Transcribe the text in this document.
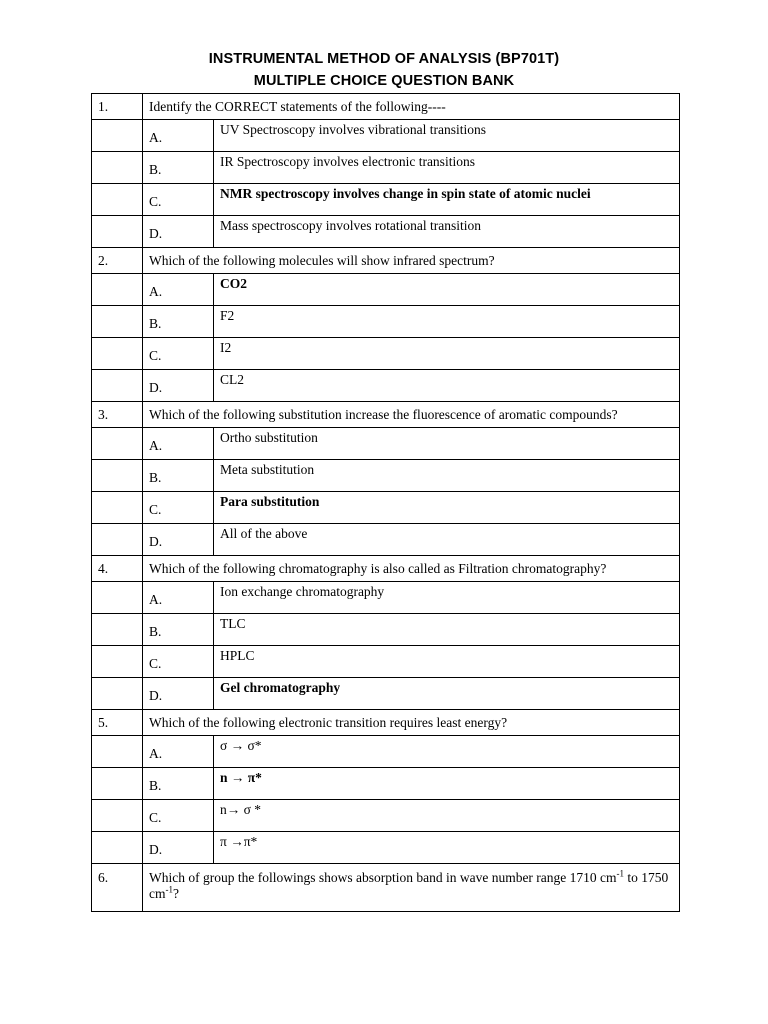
INSTRUMENTAL METHOD OF ANALYSIS (BP701T)
MULTIPLE CHOICE QUESTION BANK
1.	Identify the CORRECT statements of the following----	
	A.	UV Spectroscopy involves vibrational transitions
	B.	IR Spectroscopy involves electronic transitions
	C.	NMR spectroscopy involves change in spin state of atomic nuclei
	D.	Mass spectroscopy involves rotational transition
2.	Which of the following molecules will show infrared spectrum?	
	A.	CO2
	B.	F2
	C.	I2
	D.	CL2
3.	Which of the following substitution increase the fluorescence of aromatic compounds?	
	A.	Ortho substitution
	B.	Meta substitution
	C.	Para substitution
	D.	All of the above
4.	Which of the following chromatography is also called as Filtration chromatography?	
	A.	Ion exchange chromatography
	B.	TLC
	C.	HPLC
	D.	Gel chromatography
5.	Which of the following electronic transition requires least energy?	
	A.	σ → σ*
	B.	n → π*
	C.	n→ σ *
	D.	π →π*
6.	Which of group the followings shows absorption band in wave number range 1710 $cm^{-1}$ to 1750 $cm^{-1}$?	
